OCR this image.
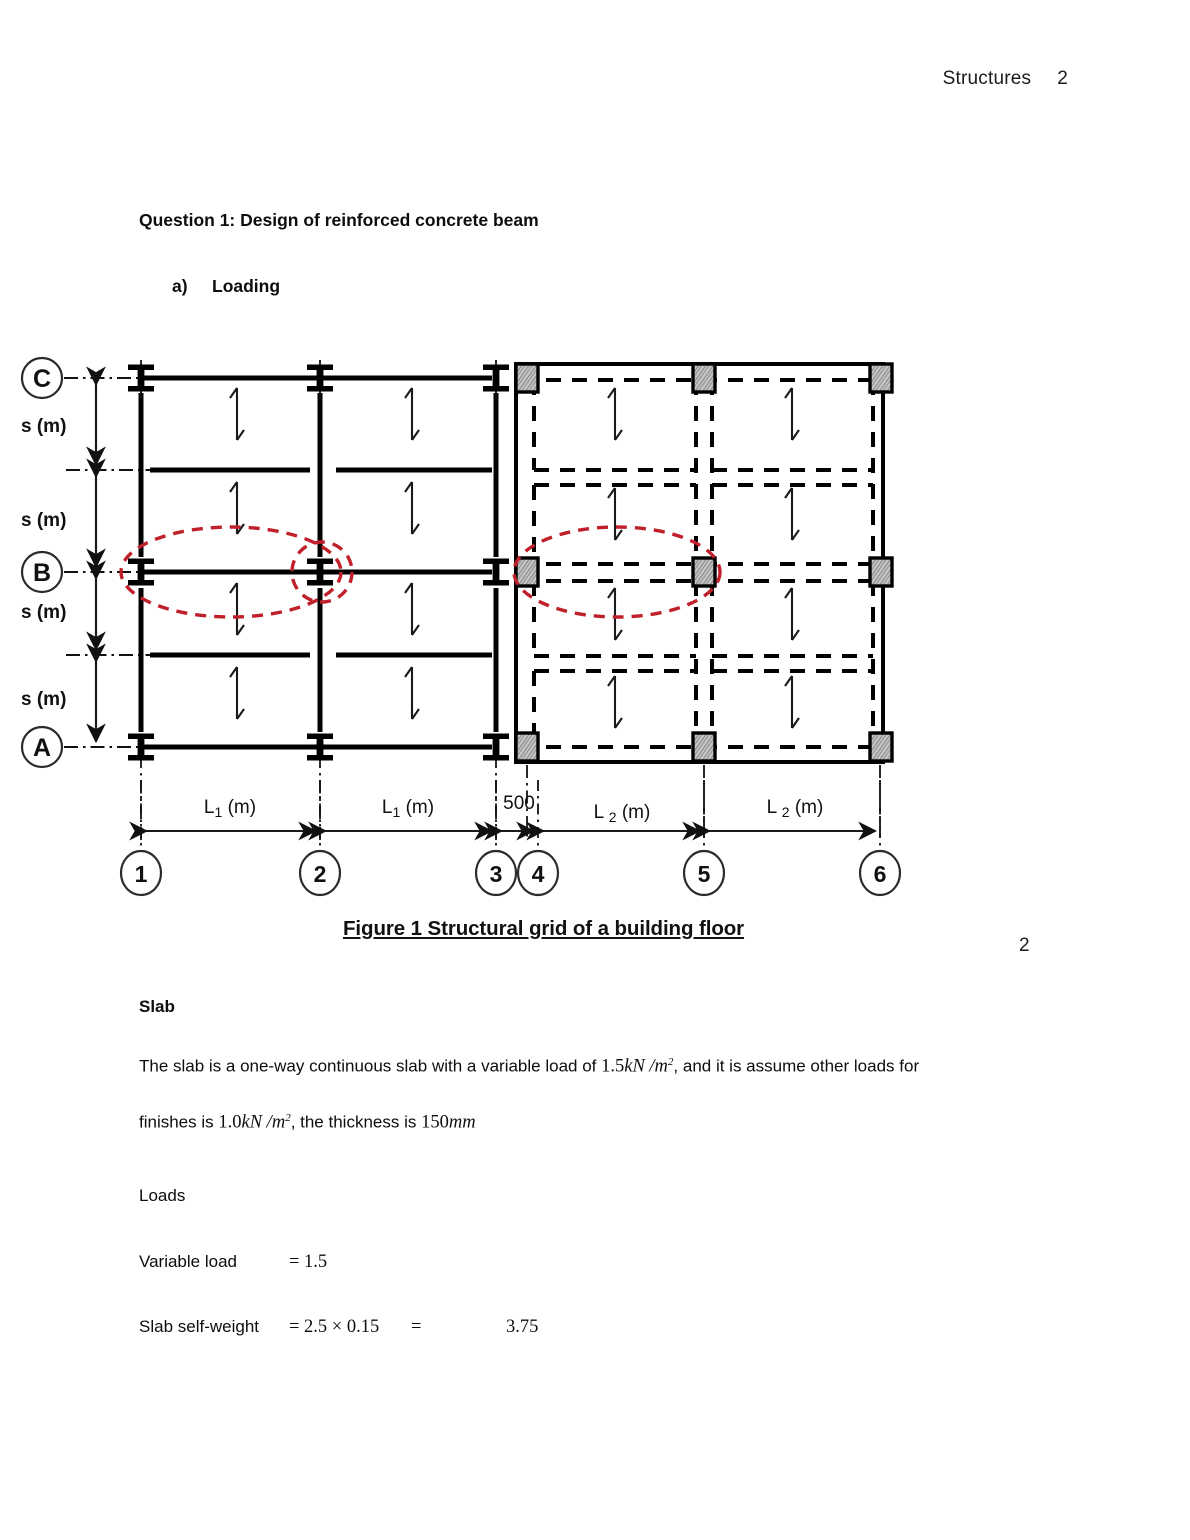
Structures 2
Question 1: Design of reinforced concrete beam
a) Loading
C
B
A
s (m)
s (m)
s (m)
s (m)
$L_1$ (m)	$L_1$ (m)	500	L $_2$ (m)	L $_2$ (m)
1	2	3 4	5	6
Figure 1 Structural grid of a building floor
2
Slab
The slab is a one-way continuous slab with a variable load of 1.5kN $/m^2$, and it is assume other loads for
finishes is 1.0kN $/m^2$, the thickness is 150mm
Loads
Variable load	= 1.5
Slab self-weight = 2.5 × 0.15 =	3.75
